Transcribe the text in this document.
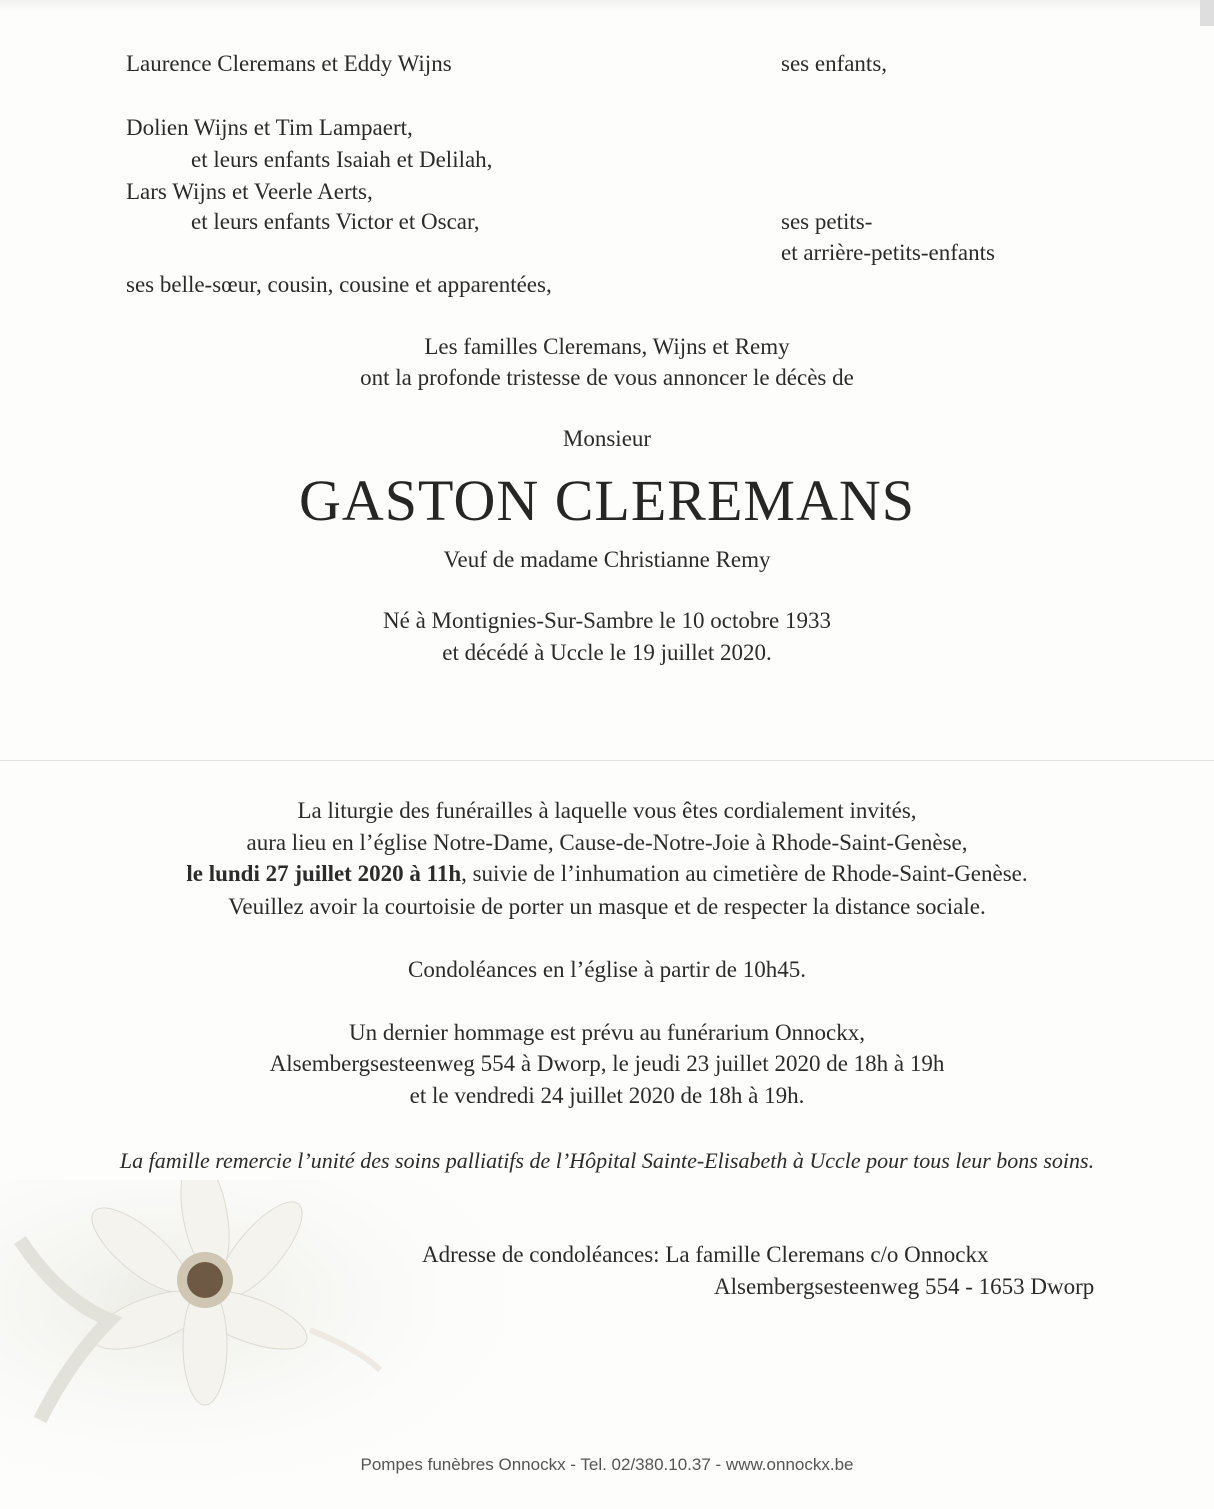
Laurence Cleremans et Eddy Wijns	ses enfants,
Dolien Wijns et Tim Lampaert,
et leurs enfants Isaiah et Delilah,
Lars Wijns et Veerle Aerts,
et leurs enfants Victor et Oscar,	ses petits-
et arrière-petits-enfants
ses belle-sœur, cousin, cousine et apparentées,
Les familles Cleremans, Wijns et Remy
ont la profonde tristesse de vous annoncer le décès de
Monsieur
GASTON CLEREMANS
Veuf de madame Christianne Remy
Né à Montignies-Sur-Sambre le 10 octobre 1933
et décédé à Uccle le 19 juillet 2020.
La liturgie des funérailles à laquelle vous êtes cordialement invités,
aura lieu en l’église Notre-Dame, Cause-de-Notre-Joie à Rhode-Saint-Genèse,
le lundi 27 juillet 2020 à 11h, suivie de l’inhumation au cimetière de Rhode-Saint-Genèse.
Veuillez avoir la courtoisie de porter un masque et de respecter la distance sociale.
Condoléances en l’église à partir de 10h45.
Un dernier hommage est prévu au funérarium Onnockx,
Alsembergsesteenweg 554 à Dworp, le jeudi 23 juillet 2020 de 18h à 19h
et le vendredi 24 juillet 2020 de 18h à 19h.
La famille remercie l’unité des soins palliatifs de l’Hôpital Sainte-Elisabeth à Uccle pour tous leur bons soins.
Adresse de condoléances: La famille Cleremans c/o Onnockx
Alsembergsesteenweg 554 - 1653 Dworp
Pompes funèbres Onnockx - Tel. 02/380.10.37 - www.onnockx.be
